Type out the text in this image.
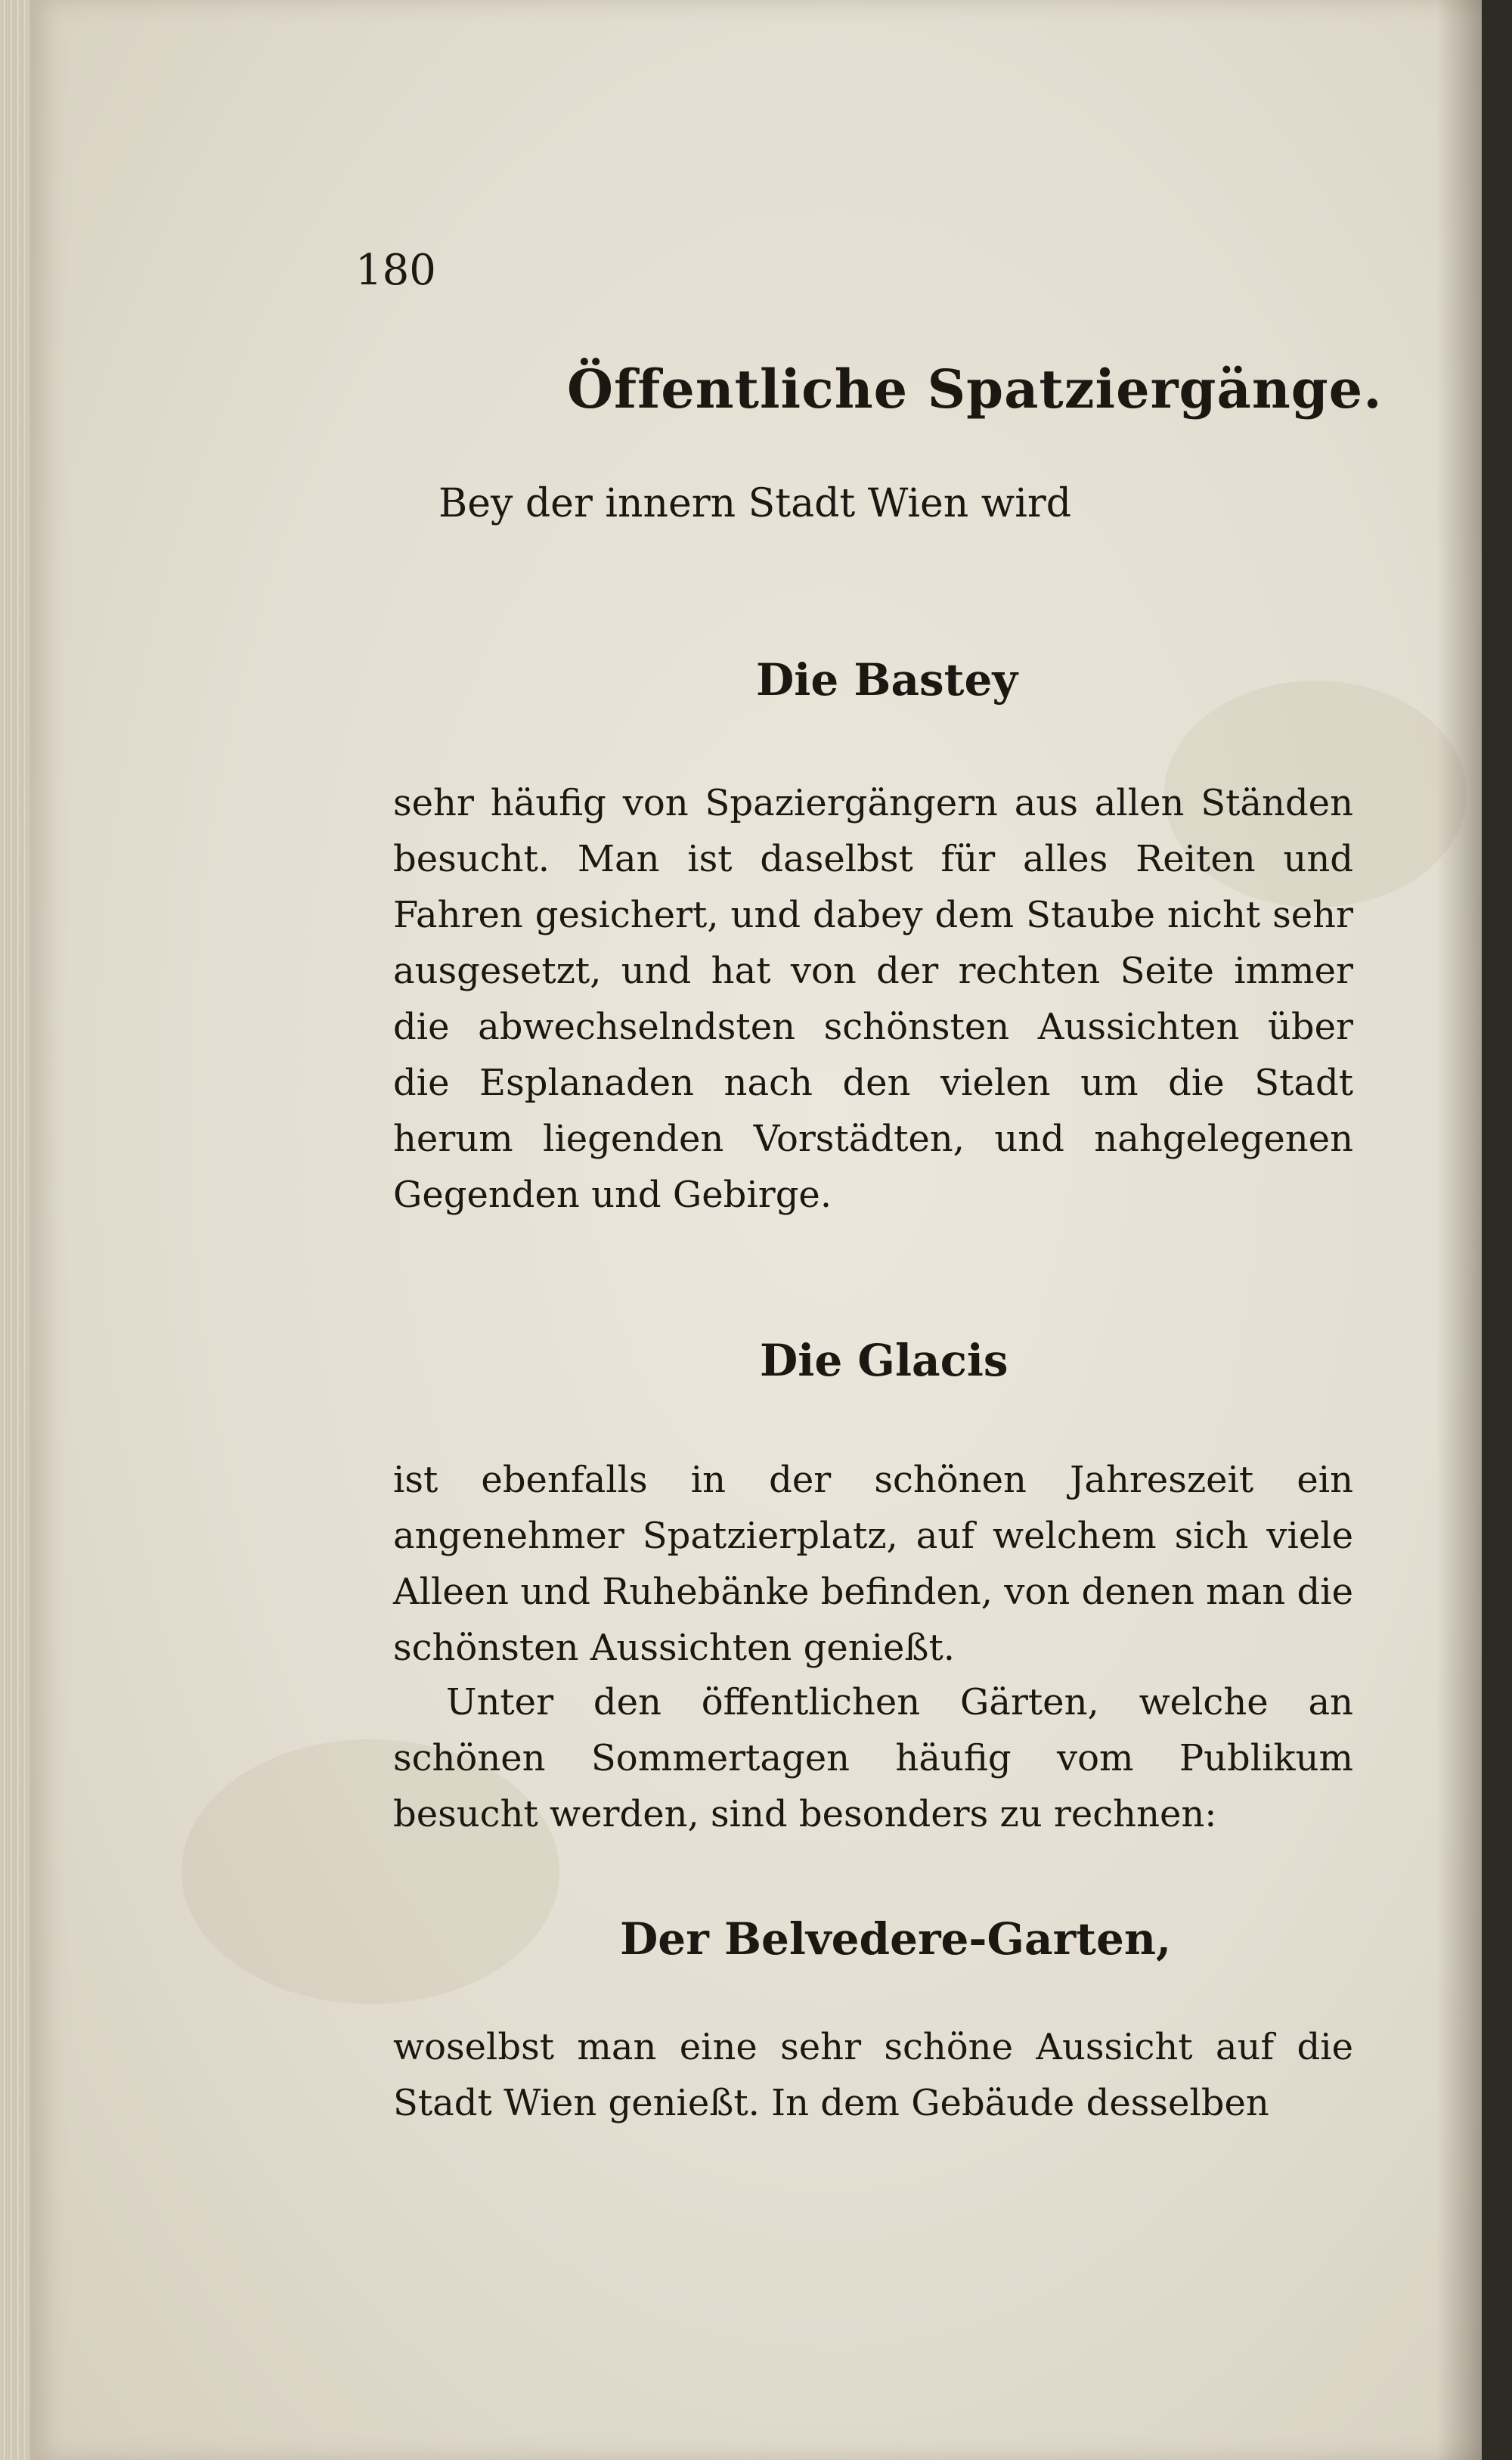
180

Öffentliche Spatziergänge.

Bey der innern Stadt Wien wird

Die Bastey

sehr häufig von Spaziergängern aus allen Ständen besucht. Man ist daselbst für alles Reiten und Fahren gesichert, und dabey dem Staube nicht sehr ausgesetzt, und hat von der rechten Seite immer die abwechselndsten schönsten Aussichten über die Esplanaden nach den vielen um die Stadt herum liegenden Vorstädten, und nahgelegenen Gegenden und Gebirge.

Die Glacis

ist ebenfalls in der schönen Jahreszeit ein angenehmer Spatzierplatz, auf welchem sich viele Alleen und Ruhebänke befinden, von denen man die schönsten Aussichten genießt.

Unter den öffentlichen Gärten, welche an schönen Sommertagen häufig vom Publikum besucht werden, sind besonders zu rechnen:

Der Belvedere-Garten,

woselbst man eine sehr schöne Aussicht auf die Stadt Wien genießt. In dem Gebäude desselben
